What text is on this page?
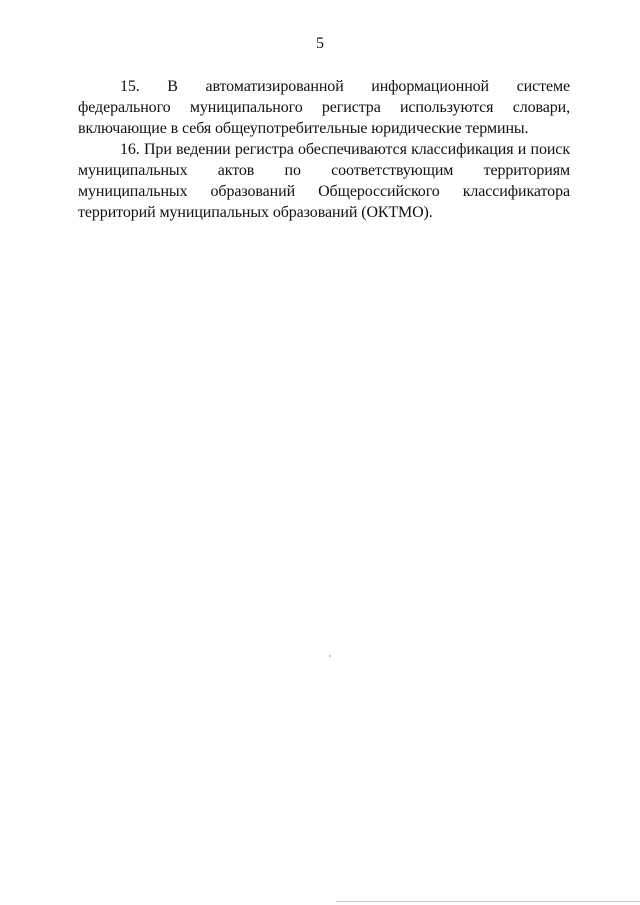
5

15. В автоматизированной информационной системе федерального муниципального регистра используются словари, включающие в себя общеупотребительные юридические термины.

16. При ведении регистра обеспечиваются классификация и поиск муниципальных актов по соответствующим территориям муниципальных образований Общероссийского классификатора территорий муниципальных образований (ОКТМО).
